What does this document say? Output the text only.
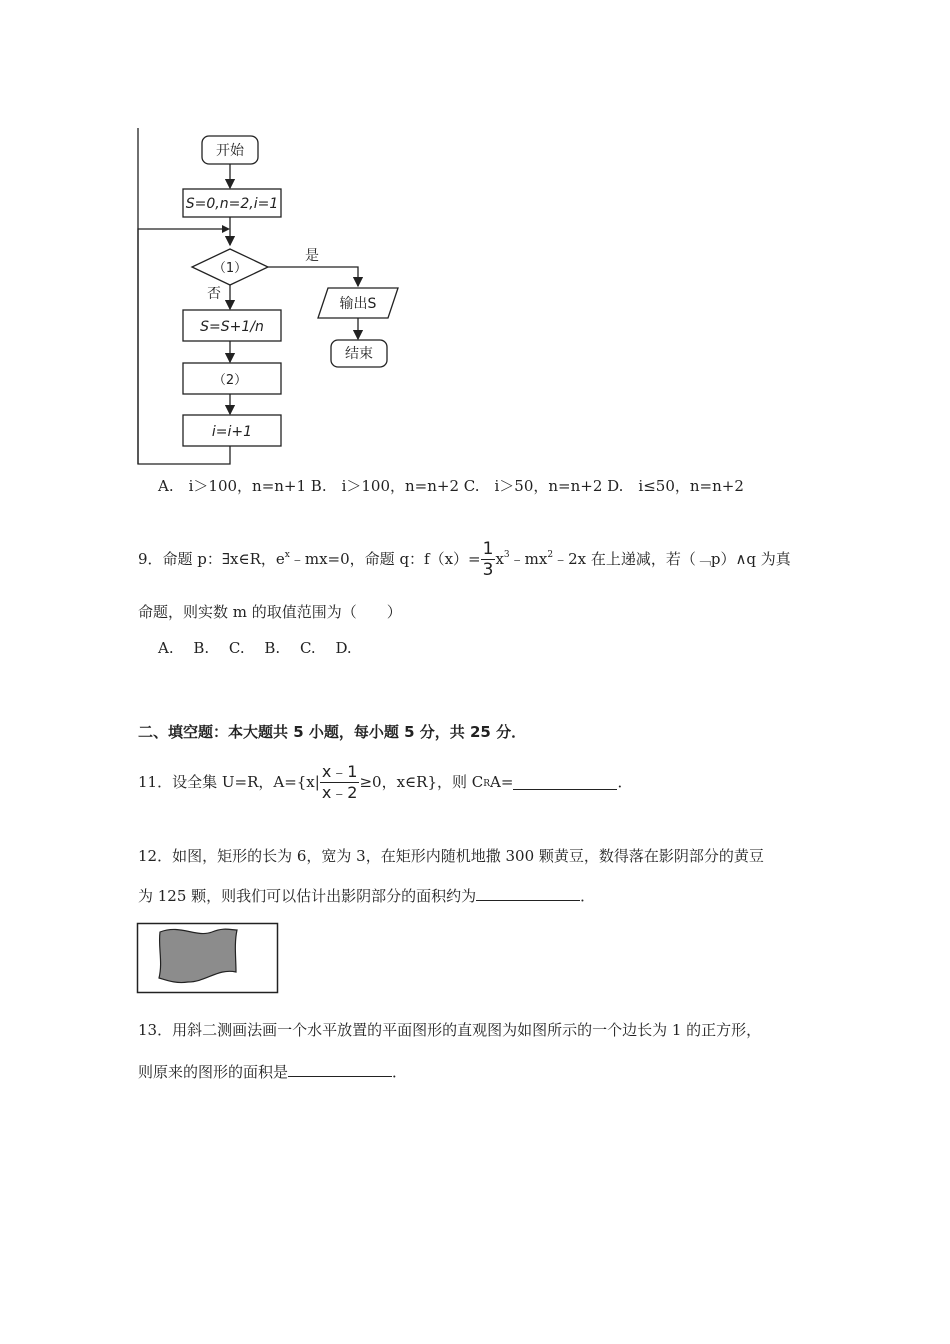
开始
S=0,n=2,i=1
（1）
是
否
输出S
结束
S=S+1/n
（2）
i=i+1
A.　i＞100，n=n+1 B.　i＞100，n=n+2 C.　i＞50，n=n+2 D.　i≤50，n=n+2
9．命题 p：∃x∈R，$e^x$ ﹣mx=0，命题 q：$f(x)= \frac{1}{3} x^3$ $﹣mx^2$ ﹣2x 在上递减，若（﹁p）∧q 为真
命题，则实数 m 的取值范围为（　　）
A.　 B.　 C.　 B.　 C.　 D.
二、填空题：本大题共 5 小题，每小题 5 分，共 25 分．
11．设全集 U=R，$A=\{x| \frac{x﹣1}{x﹣2} \ge 0$，x∈R}，则 C R A=	．
12．如图，矩形的长为 6，宽为 3，在矩形内随机地撒 300 颗黄豆，数得落在影阴部分的黄豆
为 125 颗，则我们可以估计出影阴部分的面积约为	．
13．用斜二测画法画一个水平放置的平面图形的直观图为如图所示的一个边长为 1 的正方形，
则原来的图形的面积是	．
